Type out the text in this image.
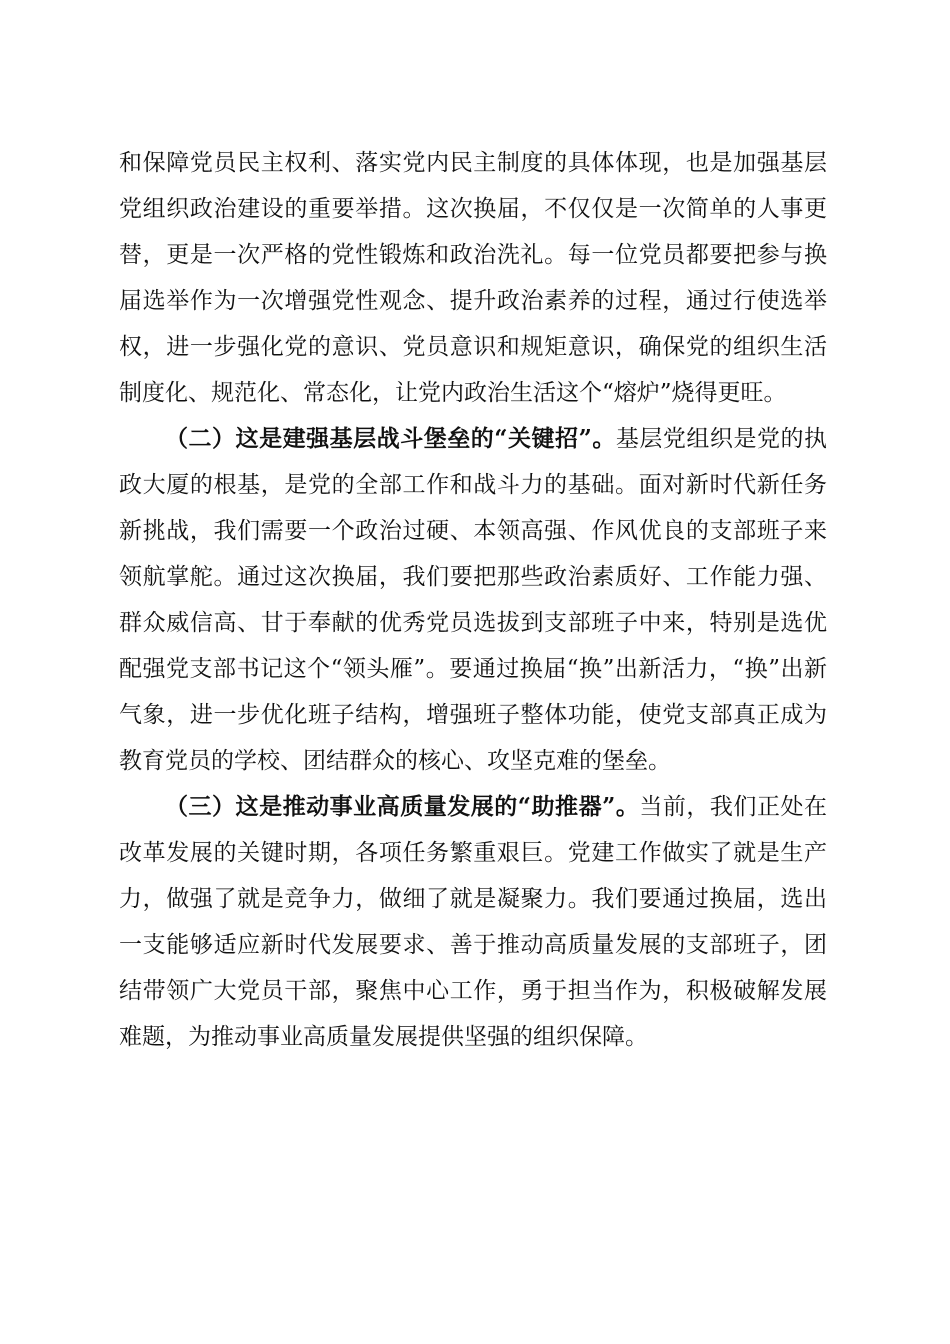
和保障党员民主权利、落实党内民主制度的具体体现，也是加强基层党组织政治建设的重要举措。这次换届，不仅仅是一次简单的人事更替，更是一次严格的党性锻炼和政治洗礼。每一位党员都要把参与换届选举作为一次增强党性观念、提升政治素养的过程，通过行使选举权，进一步强化党的意识、党员意识和规矩意识，确保党的组织生活制度化、规范化、常态化，让党内政治生活这个“熔炉”烧得更旺。

（二）这是建强基层战斗堡垒的“关键招”。基层党组织是党的执政大厦的根基，是党的全部工作和战斗力的基础。面对新时代新任务新挑战，我们需要一个政治过硬、本领高强、作风优良的支部班子来领航掌舵。通过这次换届，我们要把那些政治素质好、工作能力强、群众威信高、甘于奉献的优秀党员选拔到支部班子中来，特别是选优配强党支部书记这个“领头雁”。要通过换届“换”出新活力，“换”出新气象，进一步优化班子结构，增强班子整体功能，使党支部真正成为教育党员的学校、团结群众的核心、攻坚克难的堡垒。

（三）这是推动事业高质量发展的“助推器”。当前，我们正处在改革发展的关键时期，各项任务繁重艰巨。党建工作做实了就是生产力，做强了就是竞争力，做细了就是凝聚力。我们要通过换届，选出一支能够适应新时代发展要求、善于推动高质量发展的支部班子，团结带领广大党员干部，聚焦中心工作，勇于担当作为，积极破解发展难题，为推动事业高质量发展提供坚强的组织保障。
